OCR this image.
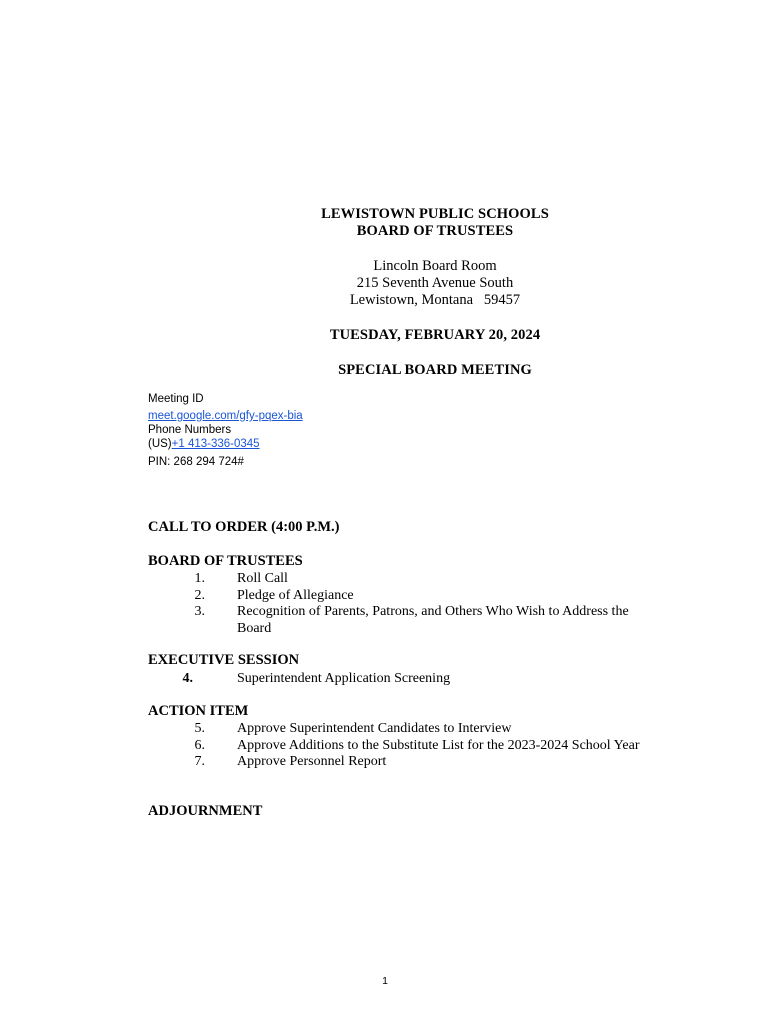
LEWISTOWN PUBLIC SCHOOLS
BOARD OF TRUSTEES
Lincoln Board Room
215 Seventh Avenue South
Lewistown, Montana   59457
TUESDAY, FEBRUARY 20, 2024
SPECIAL BOARD MEETING
Meeting ID
meet.google.com/gfy-pqex-bia
Phone Numbers
(US)+1 413-336-0345
PIN: 268 294 724#
CALL TO ORDER (4:00 P.M.)
BOARD OF TRUSTEES
1. Roll Call
2. Pledge of Allegiance
3. Recognition of Parents, Patrons, and Others Who Wish to Address the
Board
EXECUTIVE SESSION
4.	Superintendent Application Screening
ACTION ITEM
5. Approve Superintendent Candidates to Interview
6. Approve Additions to the Substitute List for the 2023-2024 School Year
7. Approve Personnel Report
ADJOURNMENT
1
